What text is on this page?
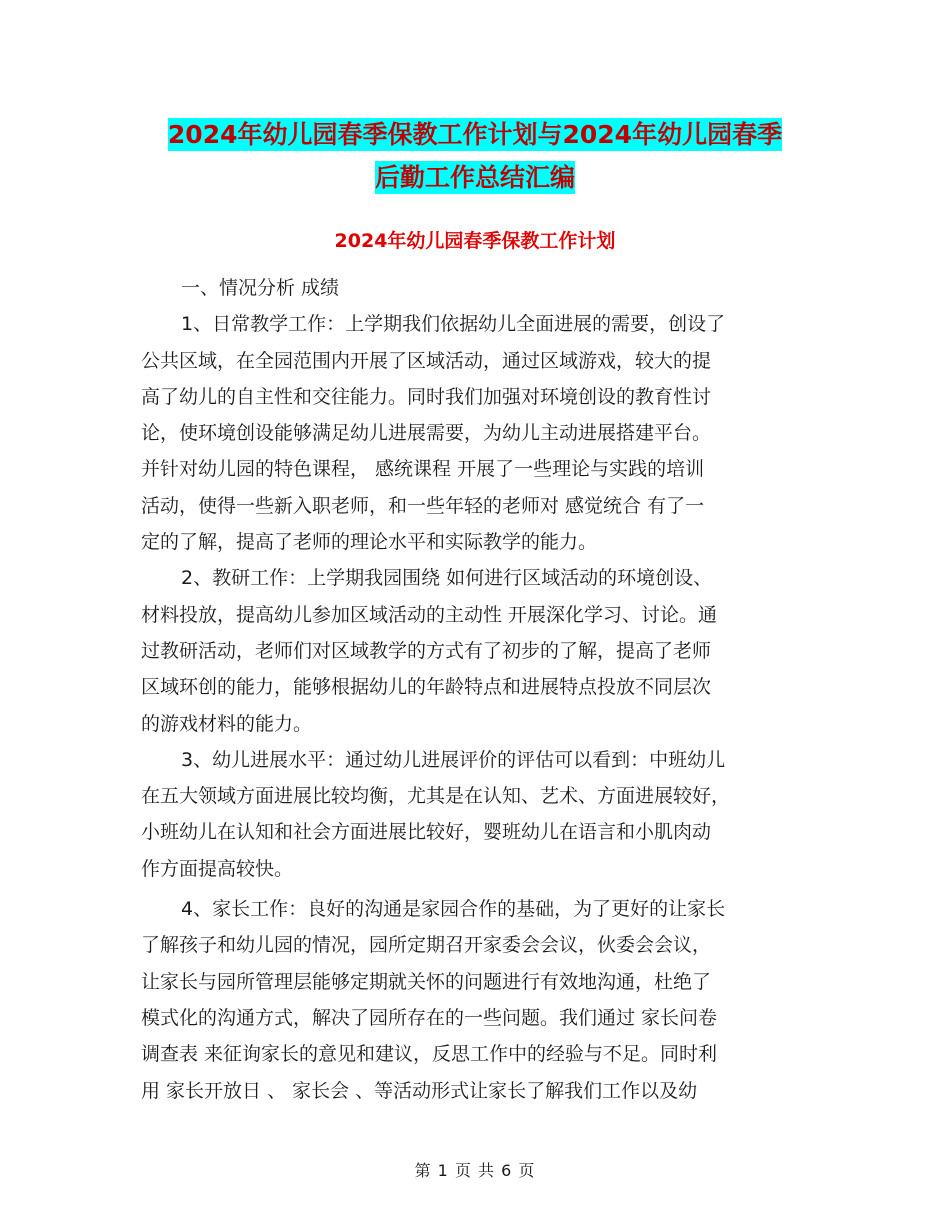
2024年幼儿园春季保教工作计划与2024年幼儿园春季
后勤工作总结汇编
2024年幼儿园春季保教工作计划
一、情况分析 成绩
1、日常教学工作：上学期我们依据幼儿全面进展的需要，创设了
公共区域，在全园范围内开展了区域活动，通过区域游戏，较大的提
高了幼儿的自主性和交往能力。同时我们加强对环境创设的教育性讨
论，使环境创设能够满足幼儿进展需要，为幼儿主动进展搭建平台。
并针对幼儿园的特色课程， 感统课程 开展了一些理论与实践的培训
活动，使得一些新入职老师，和一些年轻的老师对 感觉统合 有了一
定的了解，提高了老师的理论水平和实际教学的能力。
2、教研工作：上学期我园围绕 如何进行区域活动的环境创设、
材料投放，提高幼儿参加区域活动的主动性 开展深化学习、讨论。通
过教研活动，老师们对区域教学的方式有了初步的了解，提高了老师
区域环创的能力，能够根据幼儿的年龄特点和进展特点投放不同层次
的游戏材料的能力。
3、幼儿进展水平：通过幼儿进展评价的评估可以看到：中班幼儿
在五大领域方面进展比较均衡，尤其是在认知、艺术、方面进展较好，
小班幼儿在认知和社会方面进展比较好，婴班幼儿在语言和小肌肉动
作方面提高较快。
4、家长工作：良好的沟通是家园合作的基础，为了更好的让家长
了解孩子和幼儿园的情况，园所定期召开家委会会议，伙委会会议，
让家长与园所管理层能够定期就关怀的问题进行有效地沟通，杜绝了
模式化的沟通方式，解决了园所存在的一些问题。我们通过 家长问卷
调查表 来征询家长的意见和建议，反思工作中的经验与不足。同时利
用 家长开放日 、 家长会 、等活动形式让家长了解我们工作以及幼
第 1 页 共 6 页
